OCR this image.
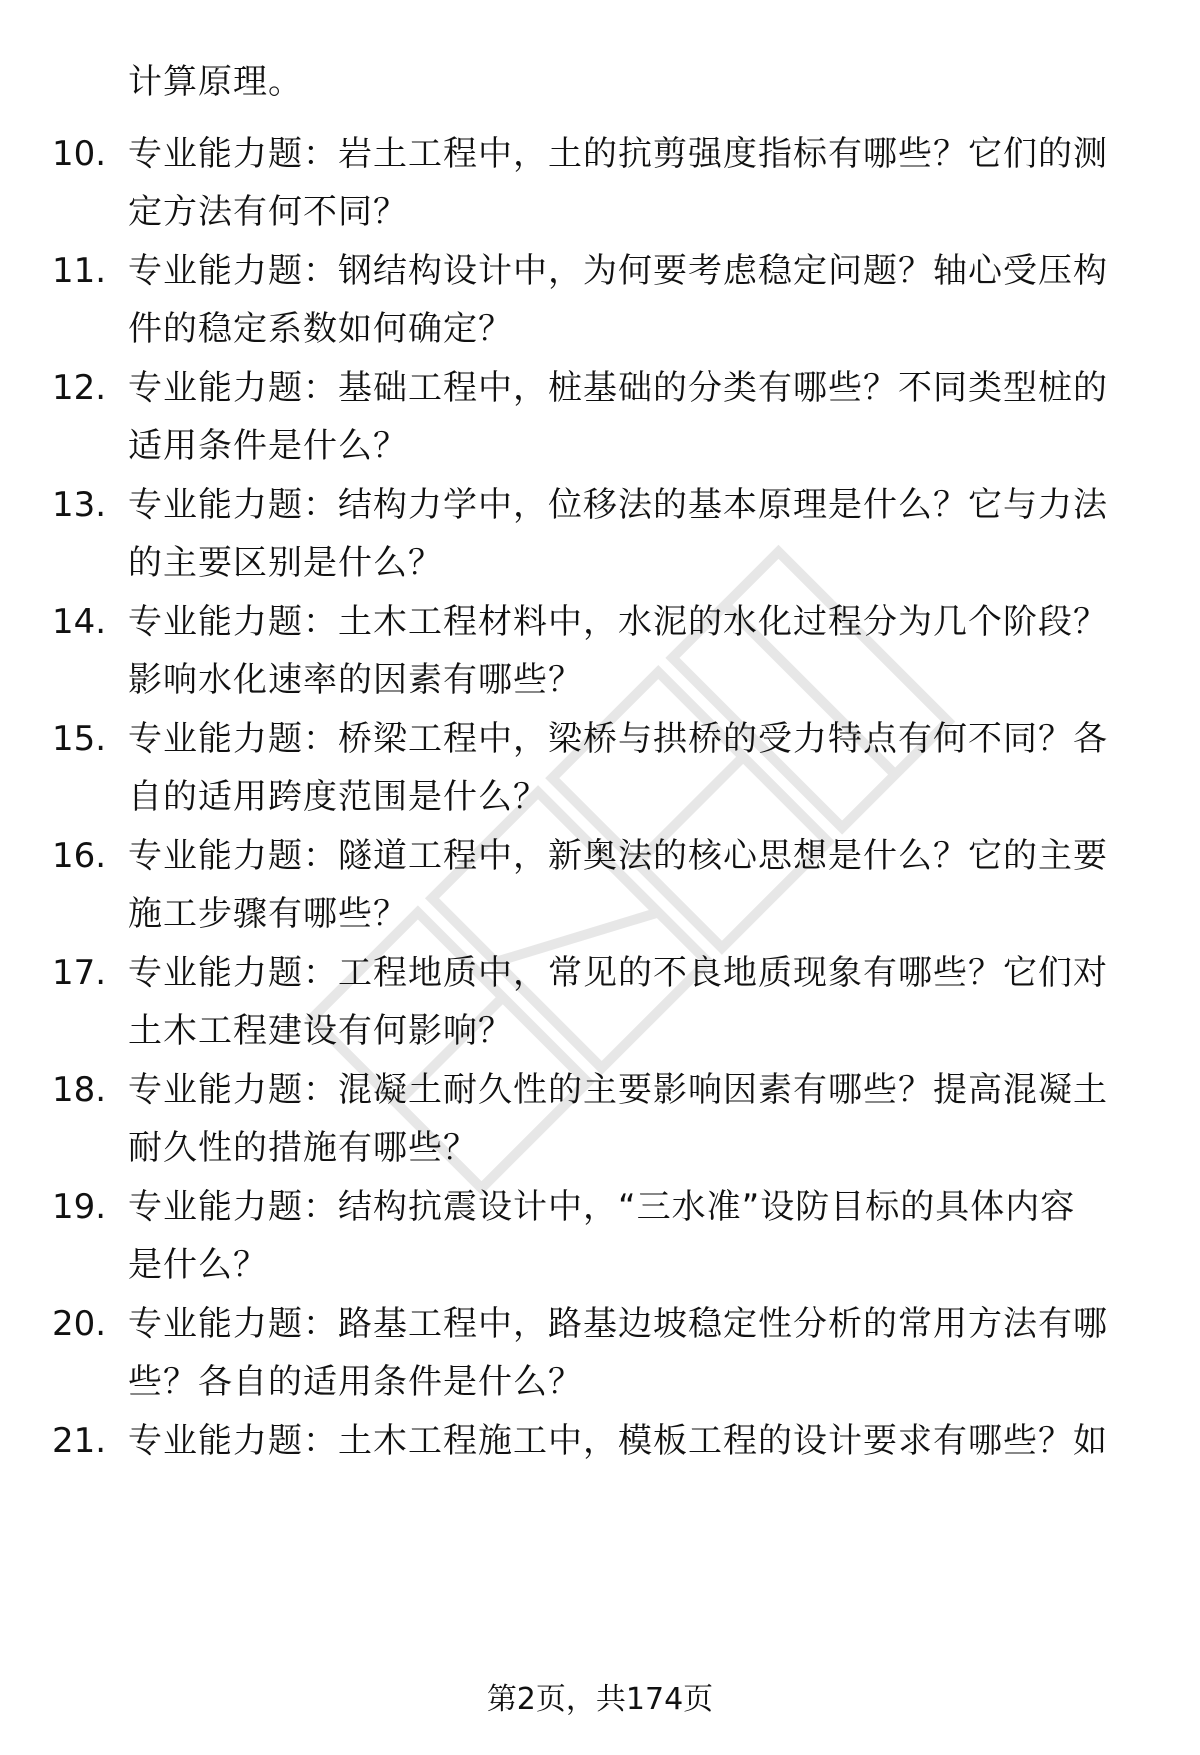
计算原理。
10. 专业能力题：岩土工程中，土的抗剪强度指标有哪些？它们的测
定方法有何不同？
11. 专业能力题：钢结构设计中，为何要考虑稳定问题？轴心受压构
件的稳定系数如何确定？
12. 专业能力题：基础工程中，桩基础的分类有哪些？不同类型桩的
适用条件是什么？
13. 专业能力题：结构力学中，位移法的基本原理是什么？它与力法
的主要区别是什么？
14. 专业能力题：土木工程材料中，水泥的水化过程分为几个阶段？
影响水化速率的因素有哪些？
15. 专业能力题：桥梁工程中，梁桥与拱桥的受力特点有何不同？各
自的适用跨度范围是什么？
16. 专业能力题：隧道工程中，新奥法的核心思想是什么？它的主要
施工步骤有哪些？
17. 专业能力题：工程地质中，常见的不良地质现象有哪些？它们对
土木工程建设有何影响？
18. 专业能力题：混凝土耐久性的主要影响因素有哪些？提高混凝土
耐久性的措施有哪些？
19. 专业能力题：结构抗震设计中，“三水准”设防目标的具体内容
是什么？
20. 专业能力题：路基工程中，路基边坡稳定性分析的常用方法有哪
些？各自的适用条件是什么？
21. 专业能力题：土木工程施工中，模板工程的设计要求有哪些？如
第2页，共174页
